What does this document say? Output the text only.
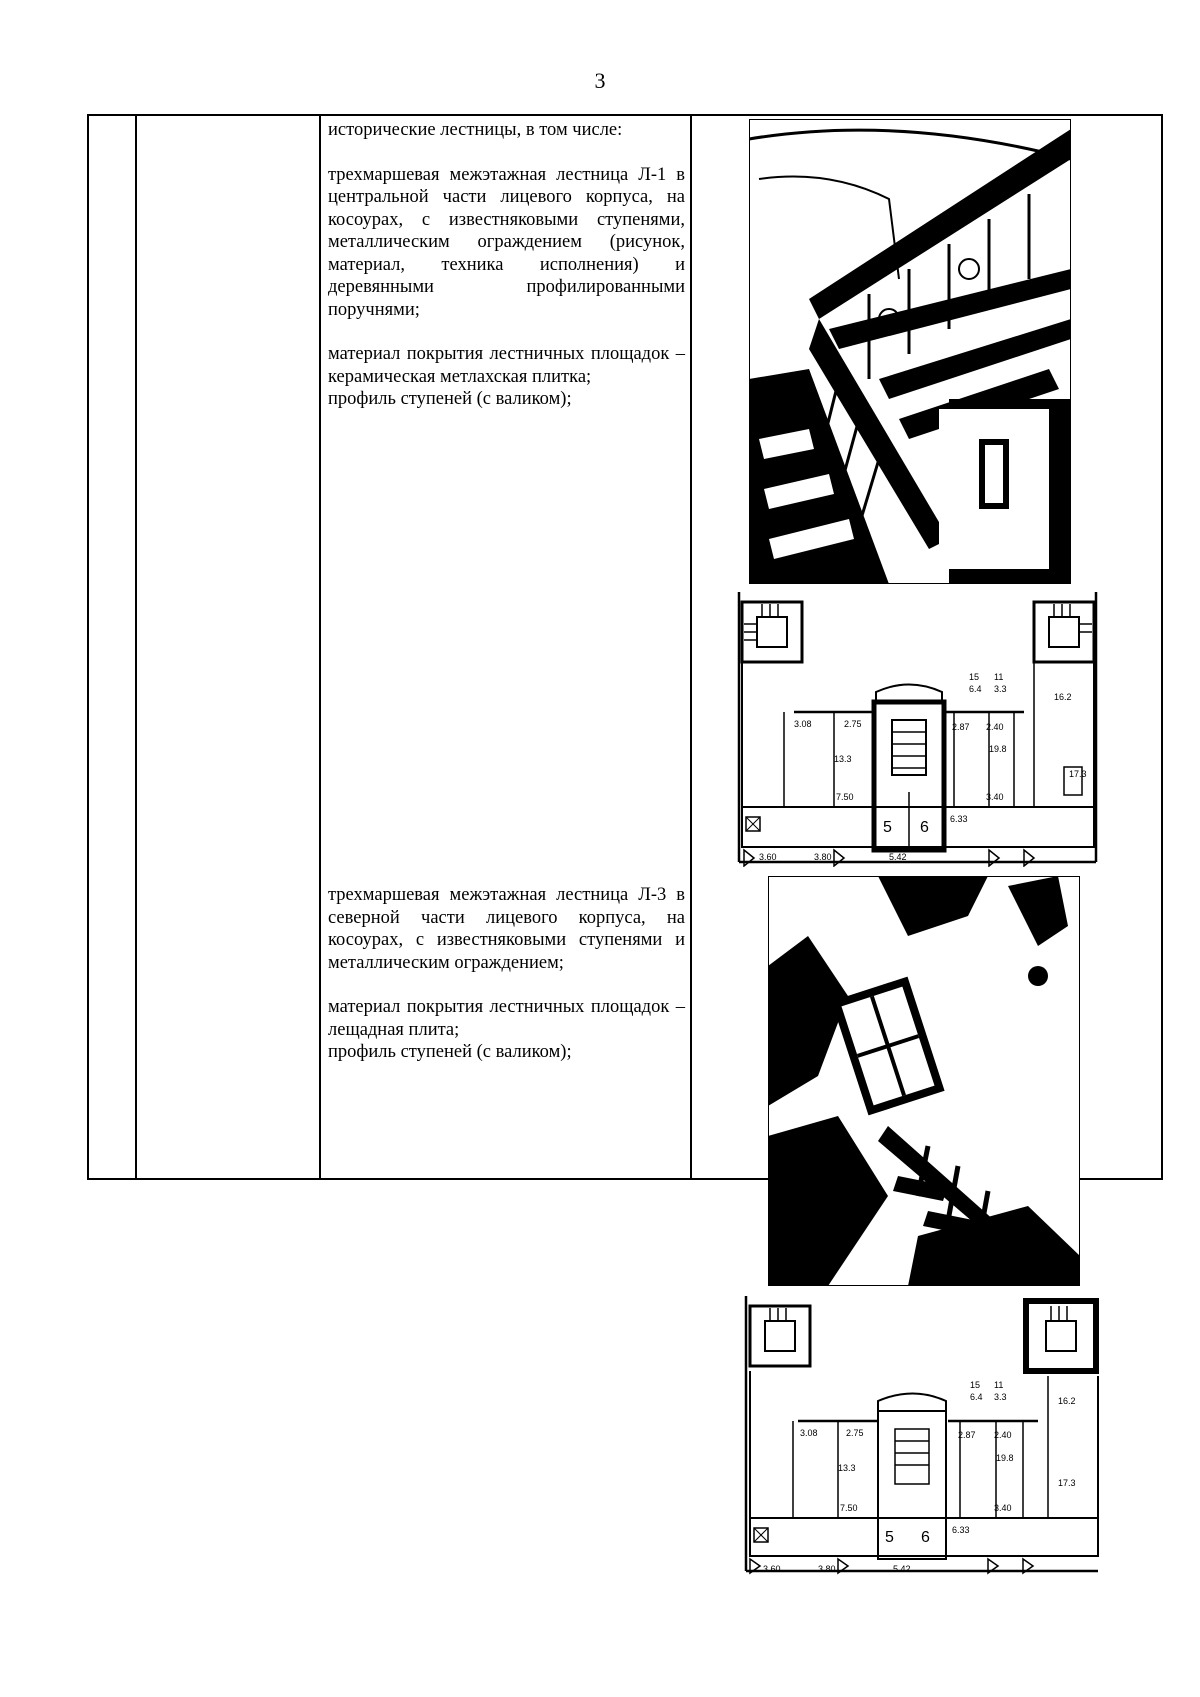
3

исторические лестницы, в том числе:

трехмаршевая межэтажная лестница Л-1 в центральной части лицевого корпуса, на косоурах, с известняковыми ступенями, металлическим ограждением (рисунок, материал, техника исполнения) и деревянными профилированными поручнями;

материал покрытия лестничных площадок – керамическая метлахская плитка;

профиль ступеней (с валиком);

трехмаршевая межэтажная лестница Л-3 в северной части лицевого корпуса, на косоурах, с известняковыми ступенями и металлическим ограждением;

материал покрытия лестничных площадок – лещадная плита;

профиль ступеней (с валиком);

5 6
3.60	3.80	5.42
15
6.4
11
3.3
3.08	2.75	2.87 2.40
3.40
7.50
6.33
19.8
13.3
16.2
17.3
5 6
3.60	3.80	5.42
15
6.4
11
3.3
3.08	2.75	2.87 2.40
3.40
7.50
6.33
19.8
13.3
16.2
17.3
